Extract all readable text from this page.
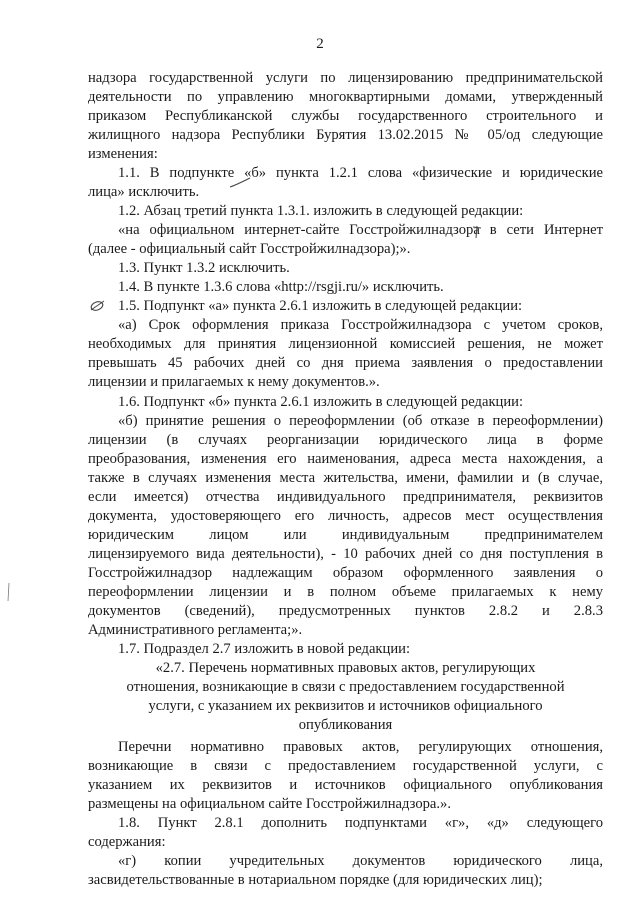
2
надзора государственной услуги по лицензированию предпринимательской
деятельности по управлению многоквартирными домами, утвержденный
приказом Республиканской службы государственного строительного и
жилищного надзора Республики Бурятия 13.02.2015 № 05/од следующие
изменения:
1.1. В подпункте «б» пункта 1.2.1 слова «физические и юридические
лица» исключить.
1.2. Абзац третий пункта 1.3.1. изложить в следующей редакции:
«на официальном интернет-сайте Госстройжилнадзора в сети Интернет
(далее - официальный сайт Госстройжилнадзора);».
1.3. Пункт 1.3.2 исключить.
1.4. В пункте 1.3.6 слова «http://rsgji.ru/» исключить.
1.5. Подпункт «а» пункта 2.6.1 изложить в следующей редакции:
«а) Срок оформления приказа Госстройжилнадзора с учетом сроков,
необходимых для принятия лицензионной комиссией решения, не может
превышать 45 рабочих дней со дня приема заявления о предоставлении
лицензии и прилагаемых к нему документов.».
1.6. Подпункт «б» пункта 2.6.1 изложить в следующей редакции:
«б) принятие решения о переоформлении (об отказе в переоформлении)
лицензии (в случаях реорганизации юридического лица в форме
преобразования, изменения его наименования, адреса места нахождения, а
также в случаях изменения места жительства, имени, фамилии и (в случае,
если имеется) отчества индивидуального предпринимателя, реквизитов
документа, удостоверяющего его личность, адресов мест осуществления
юридическим лицом или индивидуальным предпринимателем
лицензируемого вида деятельности), - 10 рабочих дней со дня поступления в
Госстройжилнадзор надлежащим образом оформленного заявления о
переоформлении лицензии и в полном объеме прилагаемых к нему
документов (сведений), предусмотренных пунктов 2.8.2 и 2.8.3
Административного регламента;».
1.7. Подраздел 2.7 изложить в новой редакции:
«2.7. Перечень нормативных правовых актов, регулирующих
отношения, возникающие в связи с предоставлением государственной
услуги, с указанием их реквизитов и источников официального
опубликования
Перечни нормативно правовых актов, регулирующих отношения,
возникающие в связи с предоставлением государственной услуги, с
указанием их реквизитов и источников официального опубликования
размещены на официальном сайте Госстройжилнадзора.».
1.8. Пункт 2.8.1 дополнить подпунктами «г», «д» следующего
содержания:
«г) копии учредительных документов юридического лица,
засвидетельствованные в нотариальном порядке (для юридических лиц);
